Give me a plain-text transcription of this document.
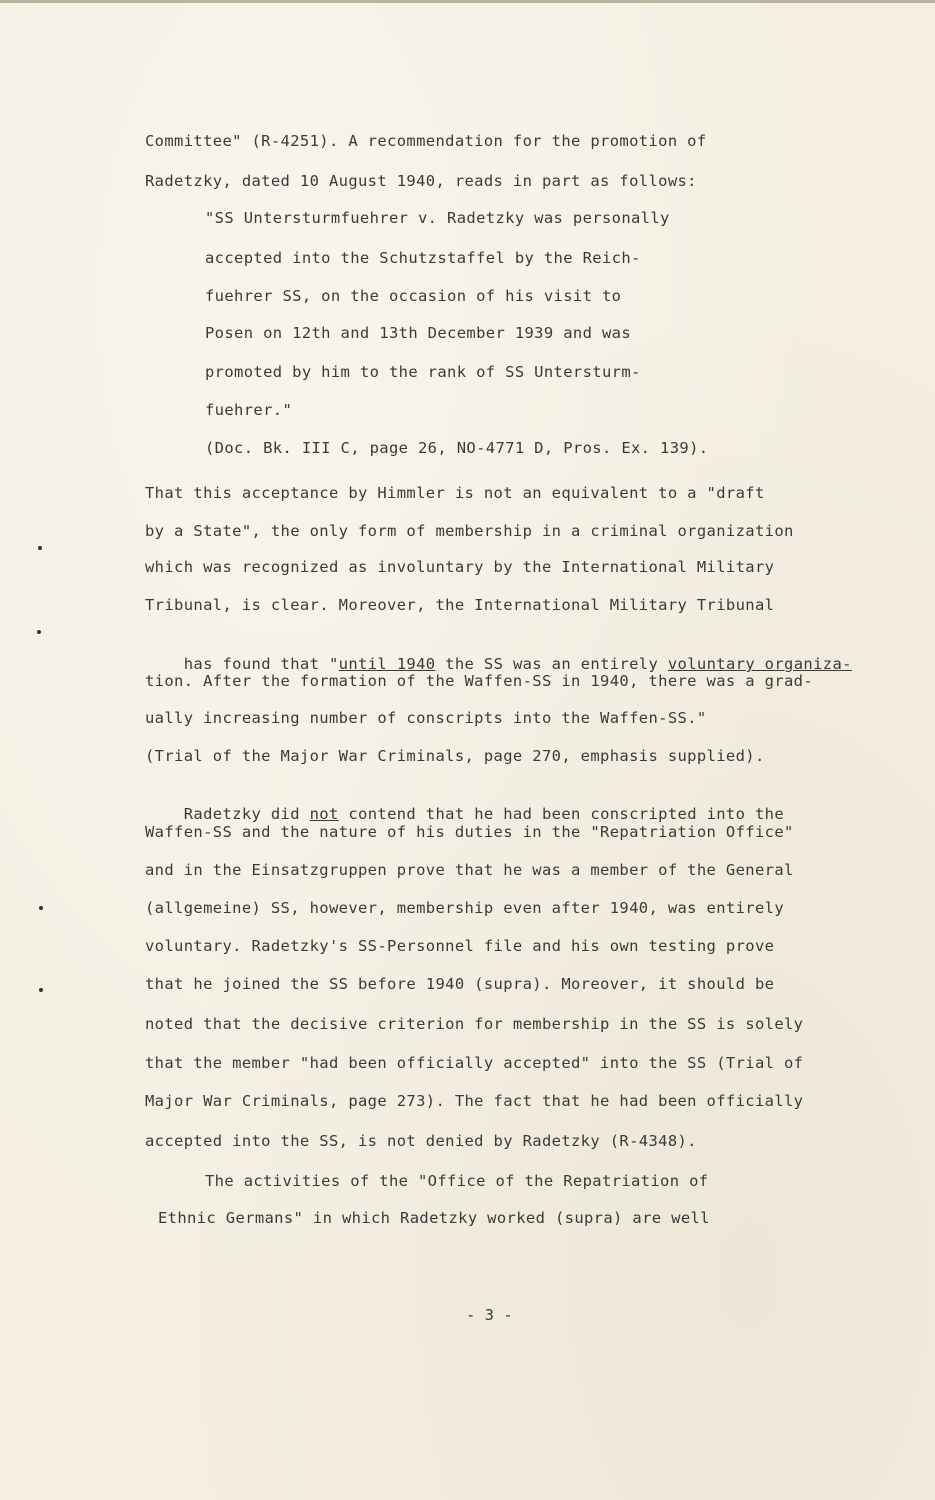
Committee" (R-4251). A recommendation for the promotion of
Radetzky, dated 10 August 1940, reads in part as follows:
"SS Untersturmfuehrer v. Radetzky was personally
accepted into the Schutzstaffel by the Reich-
fuehrer SS, on the occasion of his visit to
Posen on 12th and 13th December 1939 and was
promoted by him to the rank of SS Untersturm-
fuehrer."
(Doc. Bk. III C, page 26, NO-4771 D, Pros. Ex. 139).
That this acceptance by Himmler is not an equivalent to a "draft
by a State", the only form of membership in a criminal organization
which was recognized as involuntary by the International Military
Tribunal, is clear. Moreover, the International Military Tribunal

has found that "until 1940 the SS was an entirely voluntary organiza-

tion. After the formation of the Waffen-SS in 1940, there was a grad-
ually increasing number of conscripts into the Waffen-SS."
(Trial of the Major War Criminals, page 270, emphasis supplied).

Radetzky did not contend that he had been conscripted into the

Waffen-SS and the nature of his duties in the "Repatriation Office"
and in the Einsatzgruppen prove that he was a member of the General
(allgemeine) SS, however, membership even after 1940, was entirely
voluntary. Radetzky's SS-Personnel file and his own testing prove
that he joined the SS before 1940 (supra). Moreover, it should be
noted that the decisive criterion for membership in the SS is solely
that the member "had been officially accepted" into the SS (Trial of
Major War Criminals, page 273). The fact that he had been officially
accepted into the SS, is not denied by Radetzky (R-4348).
The activities of the "Office of the Repatriation of
Ethnic Germans" in which Radetzky worked (supra) are well
- 3 -
